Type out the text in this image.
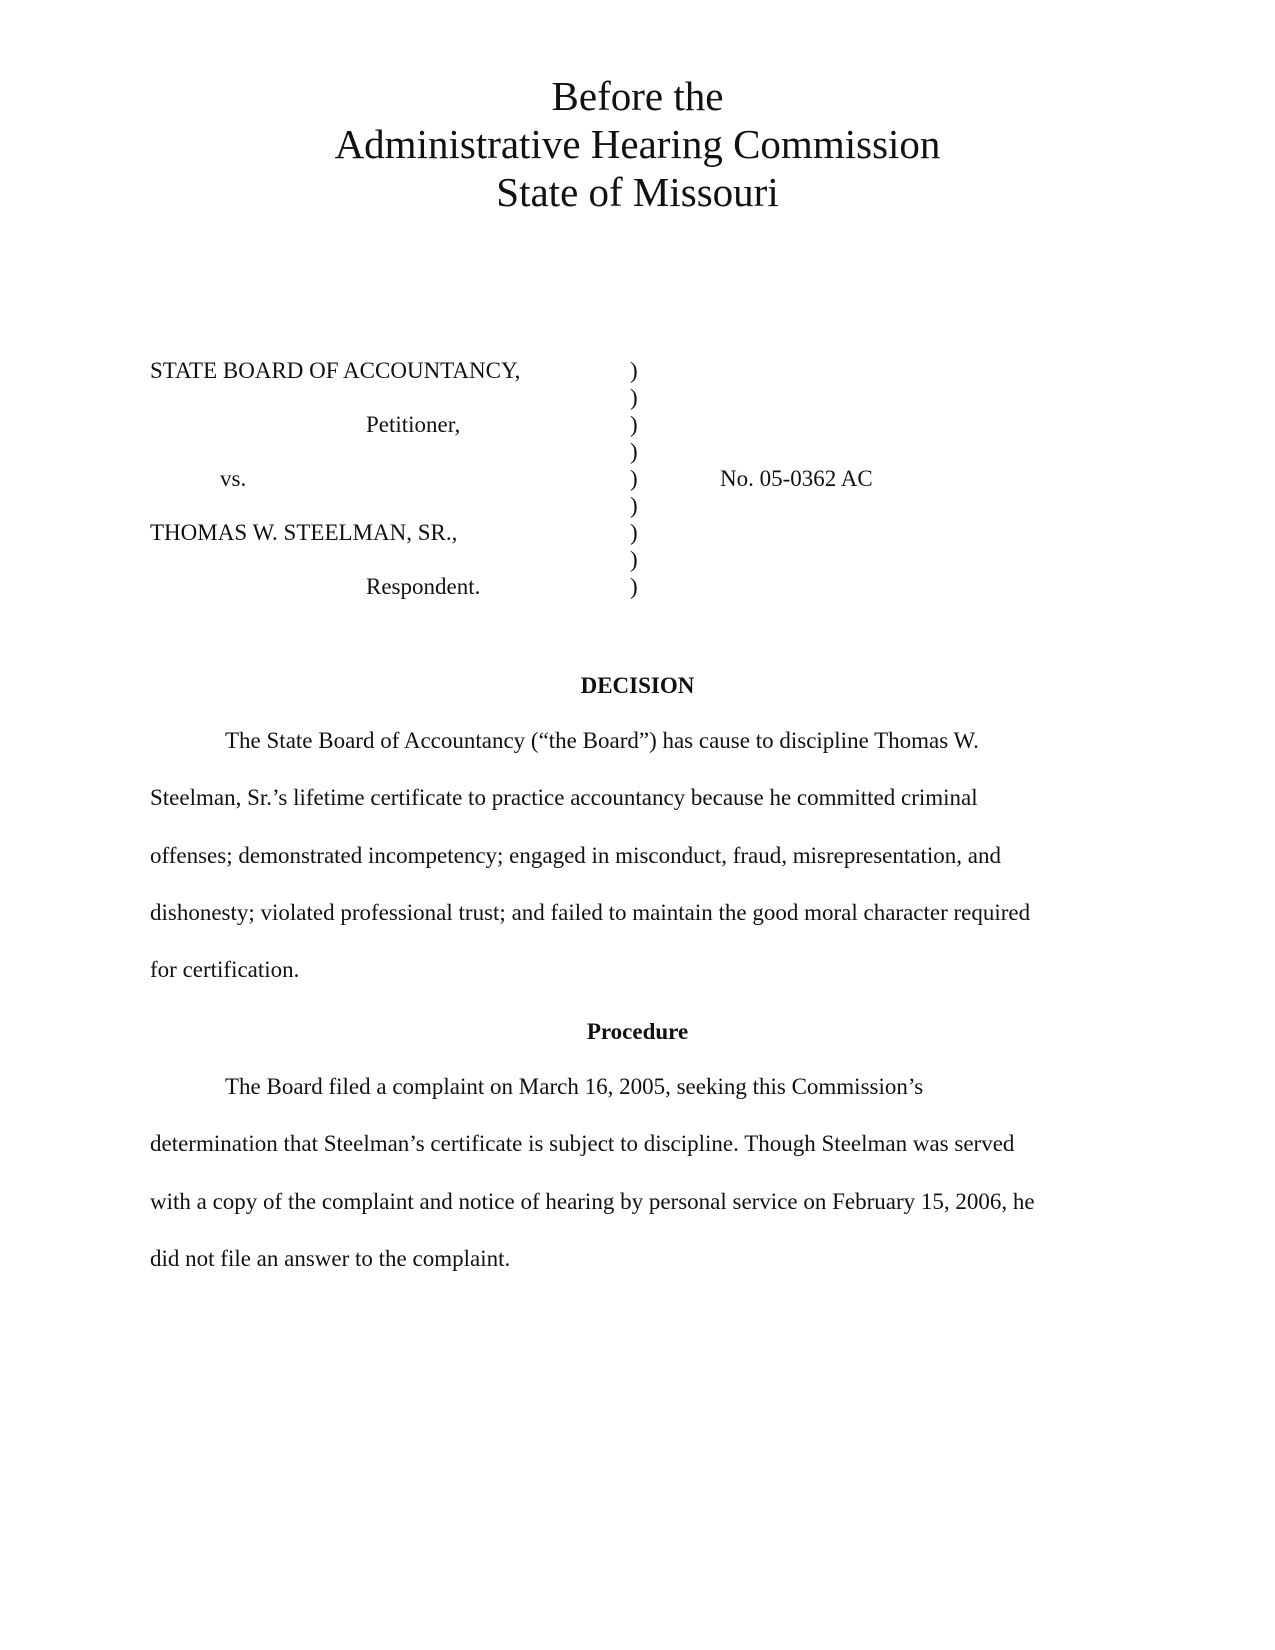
Before the
Administrative Hearing Commission
State of Missouri
STATE BOARD OF ACCOUNTANCY,
Petitioner,
vs.
THOMAS W. STEELMAN, SR.,
Respondent.
No. 05-0362 AC
)
)
)
)
)
)
)
)
)
DECISION
The State Board of Accountancy (“the Board”) has cause to discipline Thomas W.
Steelman, Sr.’s lifetime certificate to practice accountancy because he committed criminal
offenses; demonstrated incompetency; engaged in misconduct, fraud, misrepresentation, and
dishonesty; violated professional trust; and failed to maintain the good moral character required
for certification.
Procedure
The Board filed a complaint on March 16, 2005, seeking this Commission’s
determination that Steelman’s certificate is subject to discipline. Though Steelman was served
with a copy of the complaint and notice of hearing by personal service on February 15, 2006, he
did not file an answer to the complaint.
